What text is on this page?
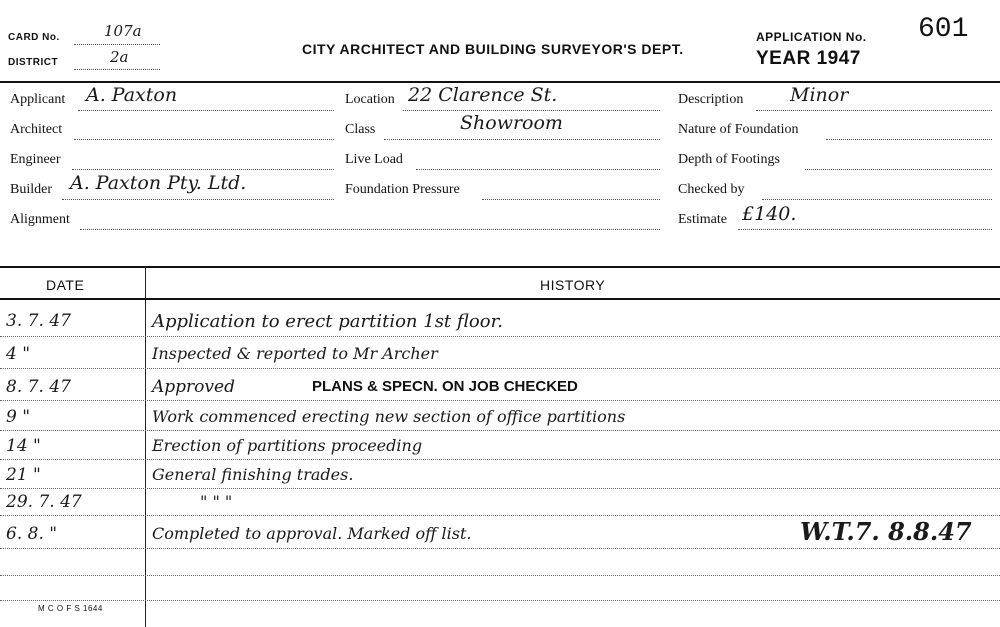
CARD No.	107a
DISTRICT	2a	CITY ARCHITECT AND BUILDING SURVEYOR'S DEPT.
APPLICATION No. 601
YEAR 1947
Applicant A. Paxton
Architect
Engineer
Builder A. Paxton Pty. Ltd.
Alignment
Location 22 Clarence St.
Class	Showroom
Live Load
Foundation Pressure
Description Minor
Nature of Foundation
Depth of Footings
Checked by
Estimate £140.
DATE	HISTORY
3. 7. 47	Application to erect partition 1st floor.
4 "	Inspected & reported to Mr Archer
8. 7. 47	Approved	PLANS & SPECN. ON JOB CHECKED
9 "	Work commenced erecting new section of office partitions
14 "	Erection of partitions proceeding
21 "	General finishing trades.
29. 7. 47	" " "
6. 8. "	Completed to approval. Marked off list.	W.T.7. 8.8.47
M C O F S 1644
